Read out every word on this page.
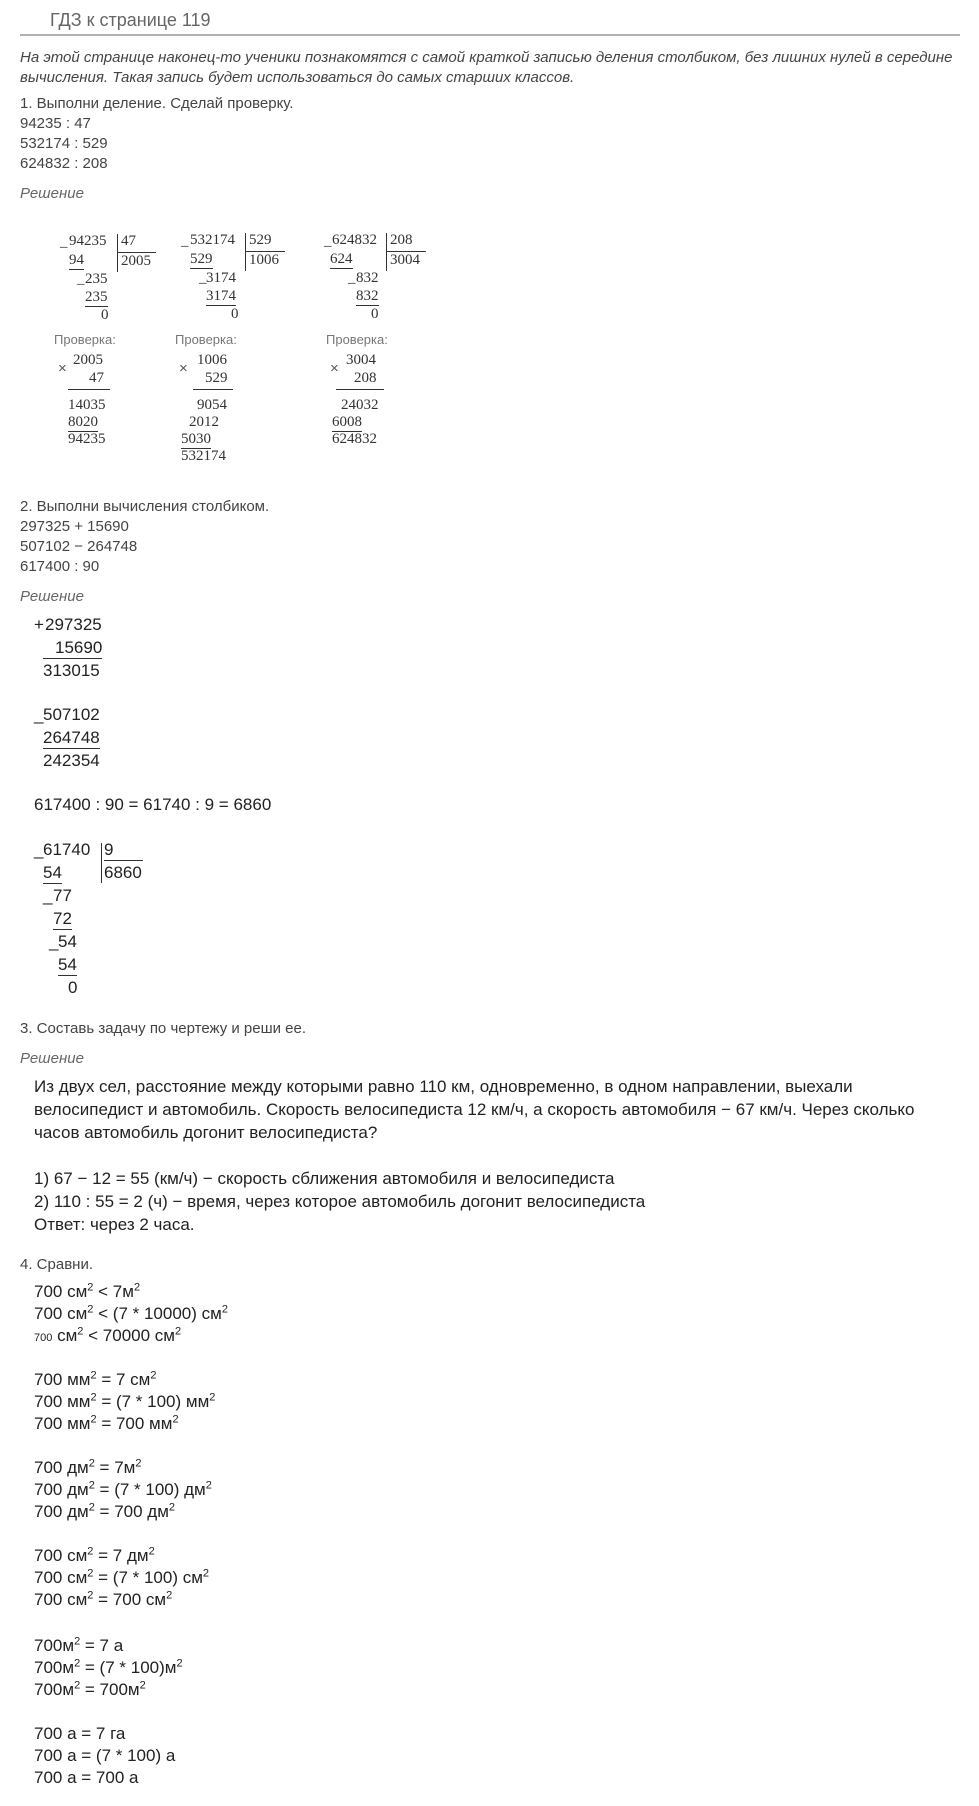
ГДЗ к странице 119
На этой странице наконец-то ученики познакомятся с самой краткой записью деления столбиком, без лишних нулей в середине вычисления. Такая запись будет использоваться до самых старших классов.
1. Выполни деление. Сделай проверку.
94235 : 47
532174 : 529
624832 : 208
Решение
_ 94235 47
2005
94
_ 235
235
0
Проверка:
× 2005
47
14035
8020
94235
_ 532174 529
1006
529
_ 3174
3174
0
Проверка:
× 1006
529
9054
2012
5030
532174
_ 624832 208
3004
624
_ 832
832
0
Проверка:
× 3004
208
24032
6008
624832
2. Выполни вычисления столбиком.
297325 + 15690
507102 − 264748
617400 : 90
Решение
+ 297325
15690
313015
_ 507102
264748
242354
617400 : 90 = 61740 : 9 = 6860
_ 61740 9
6860
54
_ 77
72
_ 54
54
0
3. Составь задачу по чертежу и реши ее.
Решение
Из двух сел, расстояние между которыми равно 110 км, одновременно, в одном направлении, выехали велосипедист и автомобиль. Скорость велосипедиста 12 км/ч, а скорость автомобиля − 67 км/ч. Через сколько часов автомобиль догонит велосипедиста?
1) 67 − 12 = 55 (км/ч) − скорость сближения автомобиля и велосипедиста
2) 110 : 55 = 2 (ч) − время, через которое автомобиль догонит велосипедиста
Ответ: через 2 часа.
4. Сравни.
700 $см^2 < 7м^2$
700 $см^2 < (7 * 10000)$ $см^2$
700 $см^2 < 70000$ $см^2$
700 $мм^2 = 7$ $см^2$
700 $мм^2 = (7 * 100)$ $мм^2$
700 $мм^2 = 700$ $мм^2$
700 $дм^2 = 7м^2$
700 $дм^2 = (7 * 100)$ $дм^2$
700 $дм^2 = 700$ $дм^2$
700 $см^2 = 7$ $дм^2$
700 $см^2 = (7 * 100)$ $см^2$
700 $см^2 = 700$ $см^2$
$700м^2 = 7$ а
$700м^2 = (7 * 100)м^2$
$700м^2 = 700м^2$
700 а = 7 га
700 а = (7 * 100) а
700 а = 700 а
